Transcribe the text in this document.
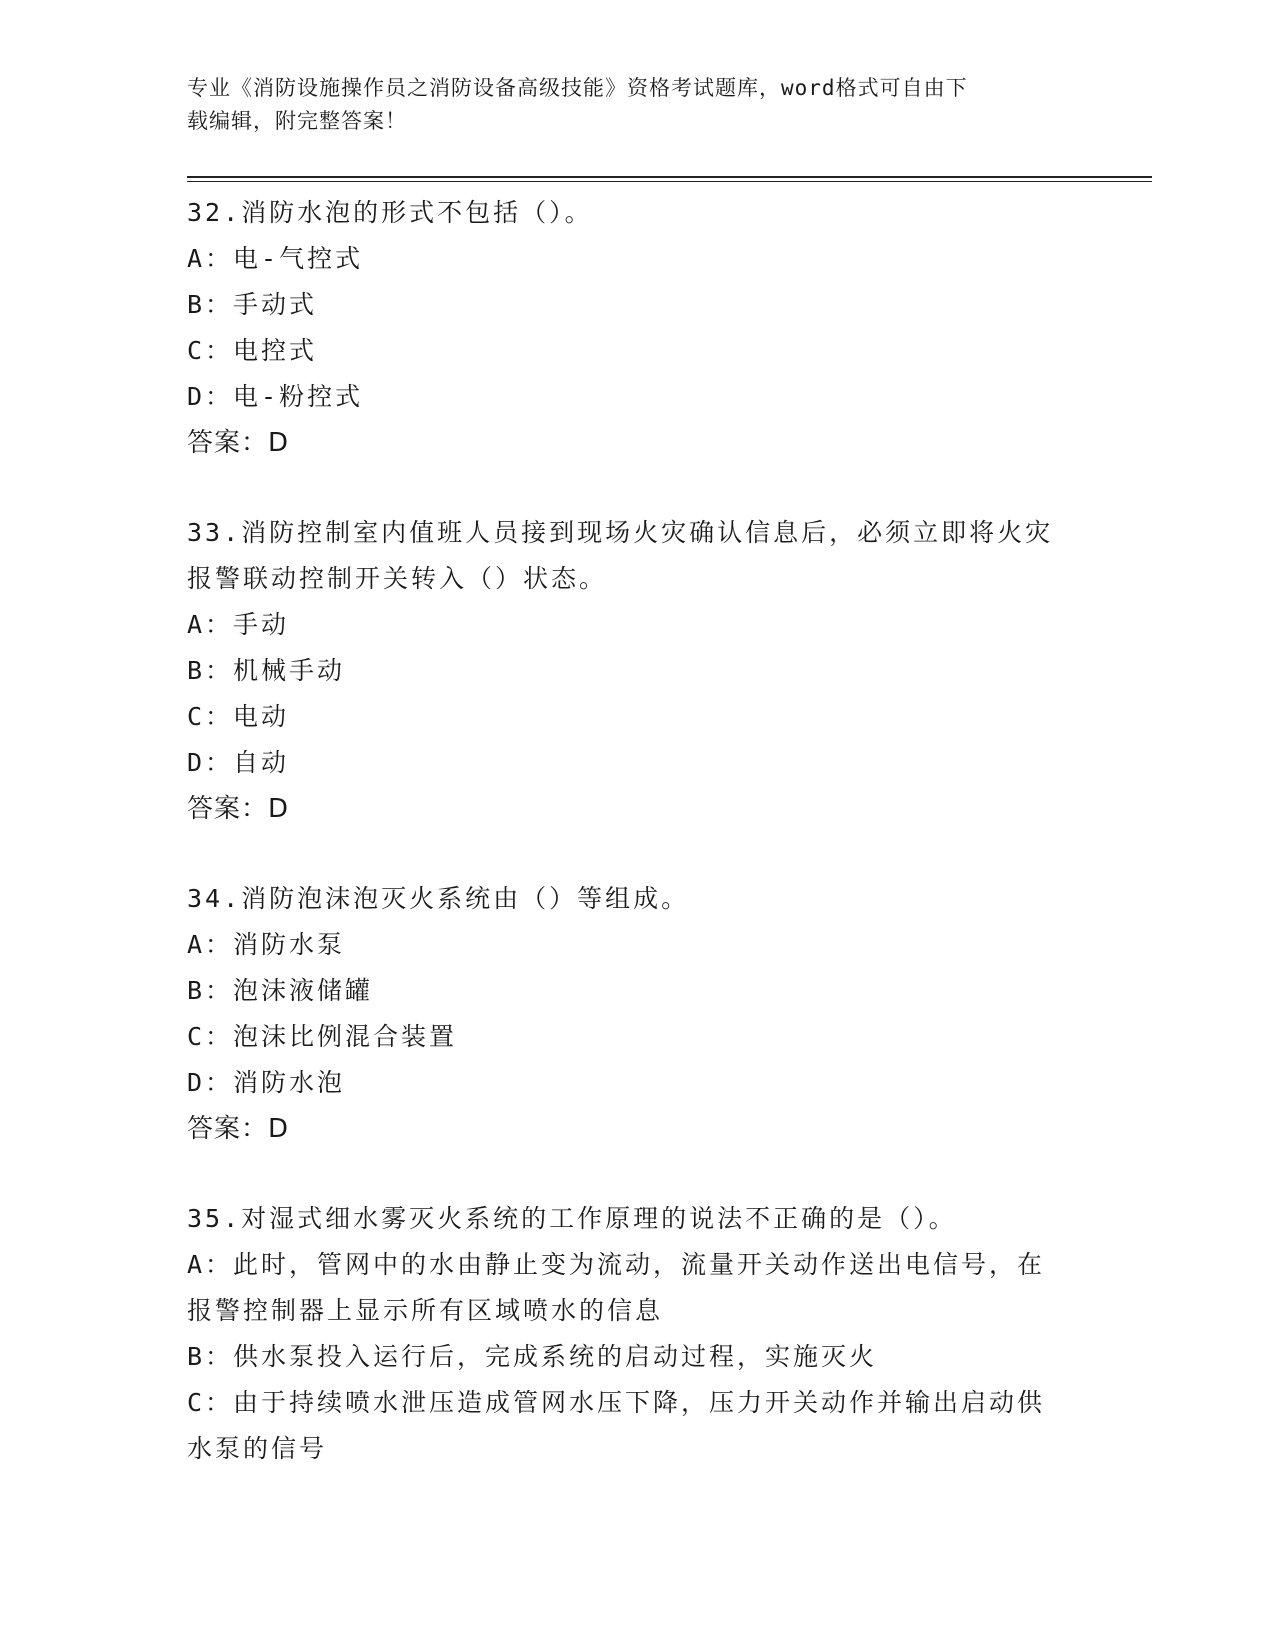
专业《消防设施操作员之消防设备高级技能》资格考试题库，word格式可自由下
载编辑，附完整答案！
32.消防水泡的形式不包括（）。
A：电-气控式
B：手动式
C：电控式
D：电-粉控式
答案：D
33.消防控制室内值班人员接到现场火灾确认信息后，必须立即将火灾
报警联动控制开关转入（）状态。
A：手动
B：机械手动
C：电动
D：自动
答案：D
34.消防泡沫泡灭火系统由（）等组成。
A：消防水泵
B：泡沫液储罐
C：泡沫比例混合装置
D：消防水泡
答案：D
35.对湿式细水雾灭火系统的工作原理的说法不正确的是（）。
A：此时，管网中的水由静止变为流动，流量开关动作送出电信号，在
报警控制器上显示所有区域喷水的信息
B：供水泵投入运行后，完成系统的启动过程，实施灭火
C：由于持续喷水泄压造成管网水压下降，压力开关动作并输出启动供
水泵的信号
